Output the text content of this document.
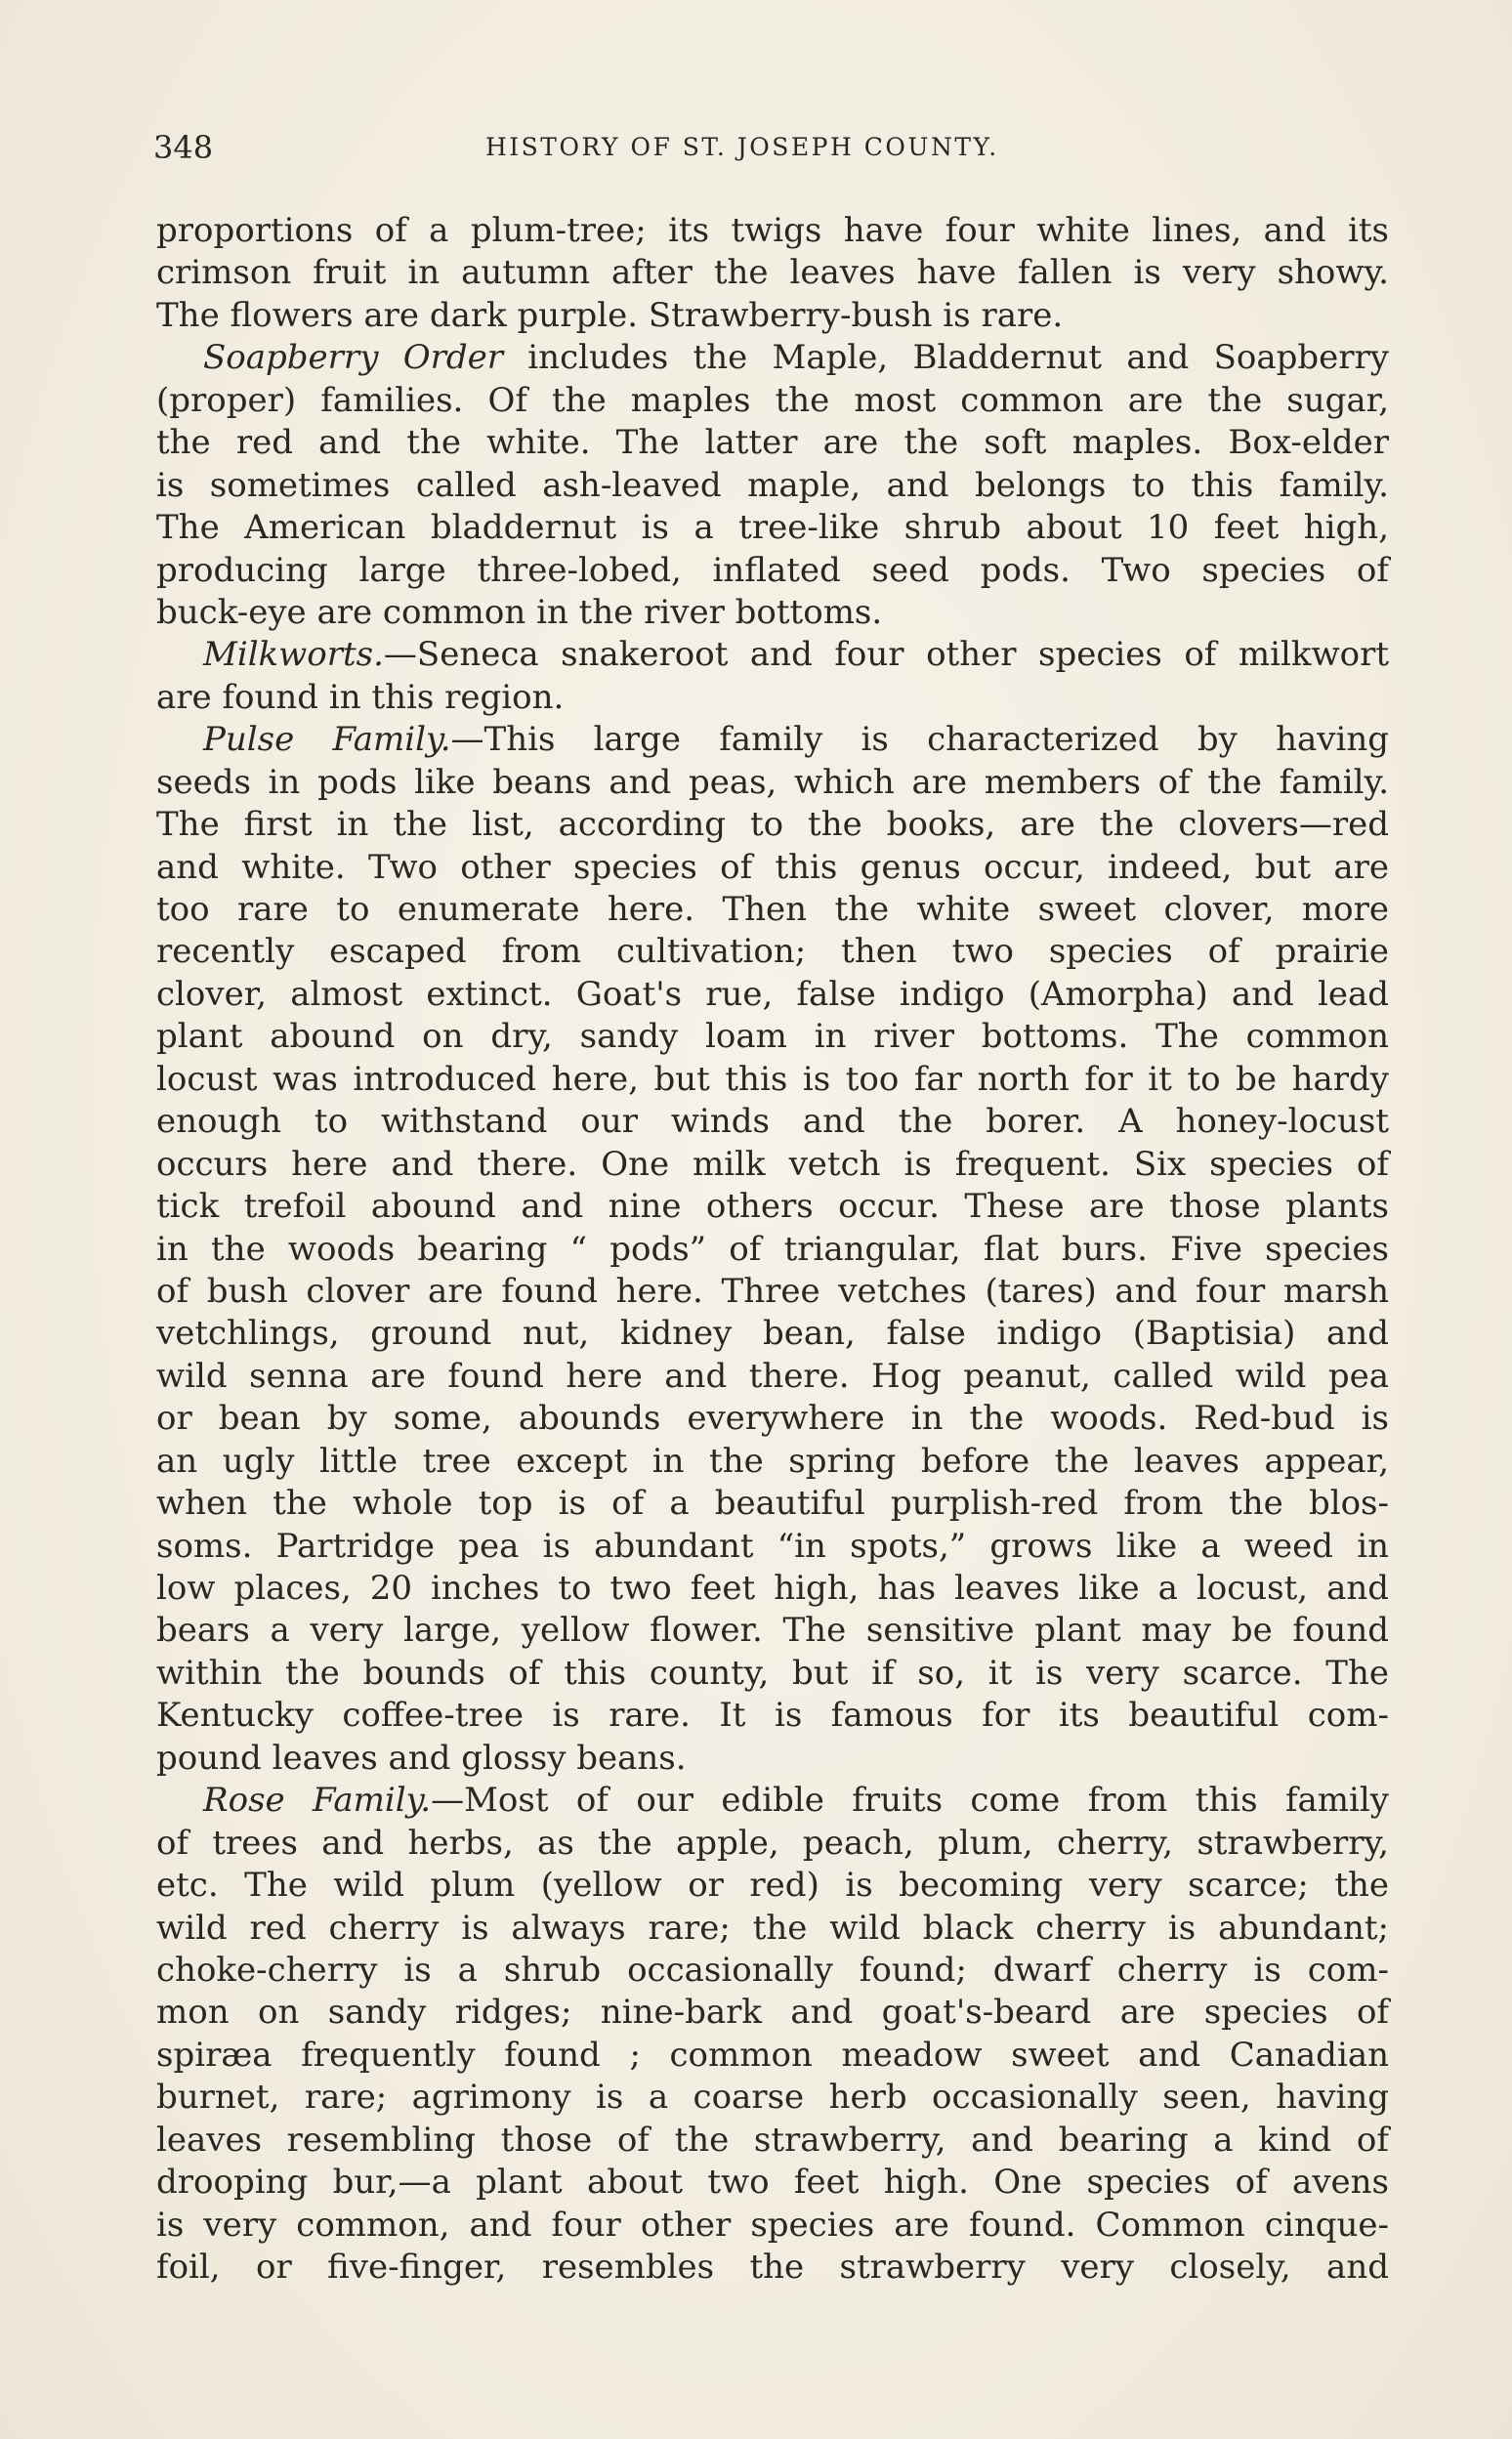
348	HISTORY OF ST. JOSEPH COUNTY.
proportions of a plum-tree; its twigs have four white lines, and its
crimson fruit in autumn after the leaves have fallen is very showy.
The flowers are dark purple. Strawberry-bush is rare.
Soapberry Order includes the Maple, Bladdernut and Soapberry
(proper) families. Of the maples the most common are the sugar,
the red and the white. The latter are the soft maples. Box-elder
is sometimes called ash-leaved maple, and belongs to this family.
The American bladdernut is a tree-like shrub about 10 feet high,
producing large three-lobed, inflated seed pods. Two species of
buck-eye are common in the river bottoms.
Milkworts.—Seneca snakeroot and four other species of milkwort
are found in this region.
Pulse Family.—This large family is characterized by having
seeds in pods like beans and peas, which are members of the family.
The first in the list, according to the books, are the clovers—red
and white. Two other species of this genus occur, indeed, but are
too rare to enumerate here. Then the white sweet clover, more
recently escaped from cultivation; then two species of prairie
clover, almost extinct. Goat's rue, false indigo (Amorpha) and lead
plant abound on dry, sandy loam in river bottoms. The common
locust was introduced here, but this is too far north for it to be hardy
enough to withstand our winds and the borer. A honey-locust
occurs here and there. One milk vetch is frequent. Six species of
tick trefoil abound and nine others occur. These are those plants
in the woods bearing “ pods” of triangular, flat burs. Five species
of bush clover are found here. Three vetches (tares) and four marsh
vetchlings, ground nut, kidney bean, false indigo (Baptisia) and
wild senna are found here and there. Hog peanut, called wild pea
or bean by some, abounds everywhere in the woods. Red-bud is
an ugly little tree except in the spring before the leaves appear,
when the whole top is of a beautiful purplish-red from the blos-
soms. Partridge pea is abundant “in spots,” grows like a weed in
low places, 20 inches to two feet high, has leaves like a locust, and
bears a very large, yellow flower. The sensitive plant may be found
within the bounds of this county, but if so, it is very scarce. The
Kentucky coffee-tree is rare. It is famous for its beautiful com-
pound leaves and glossy beans.
Rose Family.—Most of our edible fruits come from this family
of trees and herbs, as the apple, peach, plum, cherry, strawberry,
etc. The wild plum (yellow or red) is becoming very scarce; the
wild red cherry is always rare; the wild black cherry is abundant;
choke-cherry is a shrub occasionally found; dwarf cherry is com-
mon on sandy ridges; nine-bark and goat's-beard are species of
spiræa frequently found ; common meadow sweet and Canadian
burnet, rare; agrimony is a coarse herb occasionally seen, having
leaves resembling those of the strawberry, and bearing a kind of
drooping bur,—a plant about two feet high. One species of avens
is very common, and four other species are found. Common cinque-
foil, or five-finger, resembles the strawberry very closely, and
